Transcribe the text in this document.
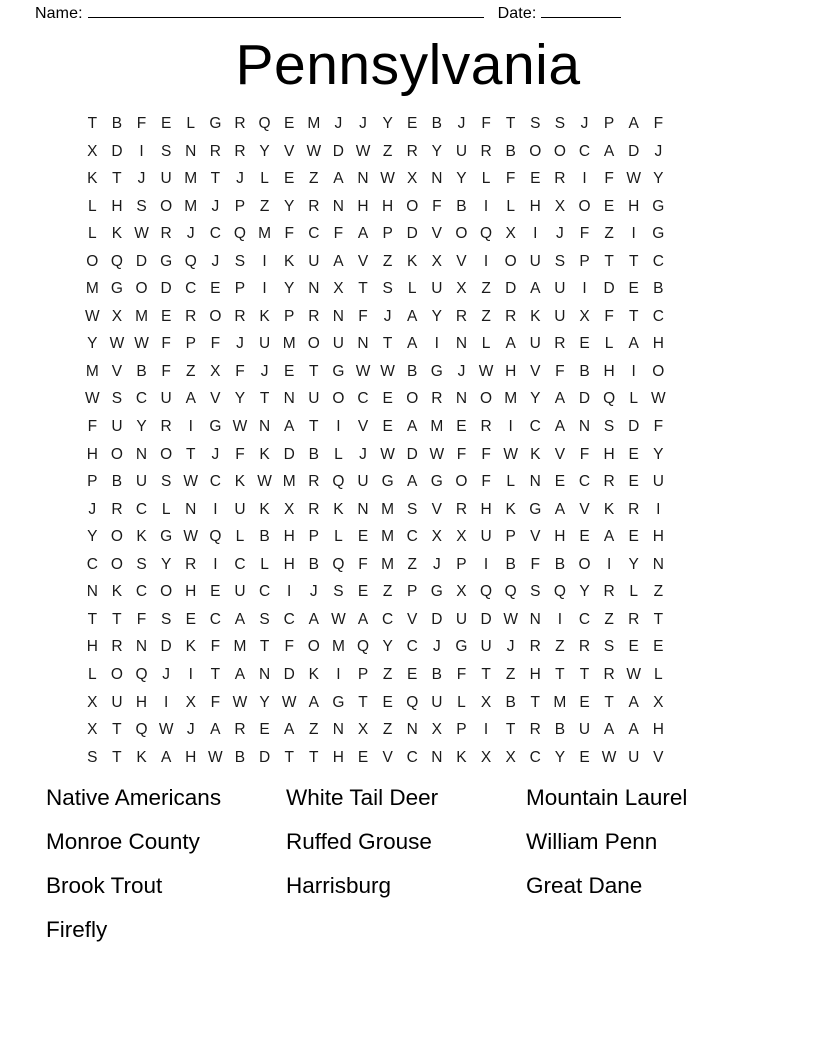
Name:	Date:
Pennsylvania
T B F E L G R Q E M J	J	Y E B	J	F T S S	J	P A F
X D	I	S N R R Y V W D W Z R Y U R B O O C A D J
K T	J U M T	J	L E Z A N W X N Y L	F E R	I	F W Y
L H S O M J	P Z Y R N H H O F B	I	L H X O E H G
L K W R J C Q M F C F A P D V O Q X	I	J	F Z	I	G
O Q D G Q J	S	I	K U A V Z K X V	I	O U S P T T C
M G O D C E P	I	Y N X T S L U X Z D A U	I	D E B
W X M E R O R K P R N F	J	A Y R Z R K U X F T C
Y W W F P F	J U M O U N T A	I	N L A U R E L A H
M V B F Z X F	J	E T G W W B G J W H V F B H	I	O
W S C U A V Y T N U O C E O R N O M Y A D Q L W
F U Y R	I	G W N A T	I	V E A M E R	I	C A N S D F
H O N O T	J	F K D B L	J W D W F F W K V F H E Y
P B U S W C K W M R Q U G A G O F	L N E C R E U
J R C L N	I	U K X R K N M S V R H K G A V K R	I
Y O K G W Q L B H P L E M C X X U P V H E A E H
C O S Y R	I	C L H B Q F M Z	J	P	I	B F B O	I	Y N
N K C O H E U C	I	J	S E Z P G X Q Q S Q Y R L	Z
T T F S E C A S C A W A C V D U D W N	I	C Z R T
H R N D K F M T F O M Q Y C J G U J R Z R S E E
L O Q J	I	T A N D K	I	P Z E B F T Z H T T R W L
X U H	I	X F W Y W A G T E Q U L X B T M E T A X
X T Q W J	A R E A Z N X Z N X P	I	T R B U A A H
S T K A H W B D T T H E V C N K X X C Y E W U V
Native Americans	White Tail Deer	Mountain Laurel
Monroe County	Ruffed Grouse	William Penn
Brook Trout	Harrisburg	Great Dane
Firefly
